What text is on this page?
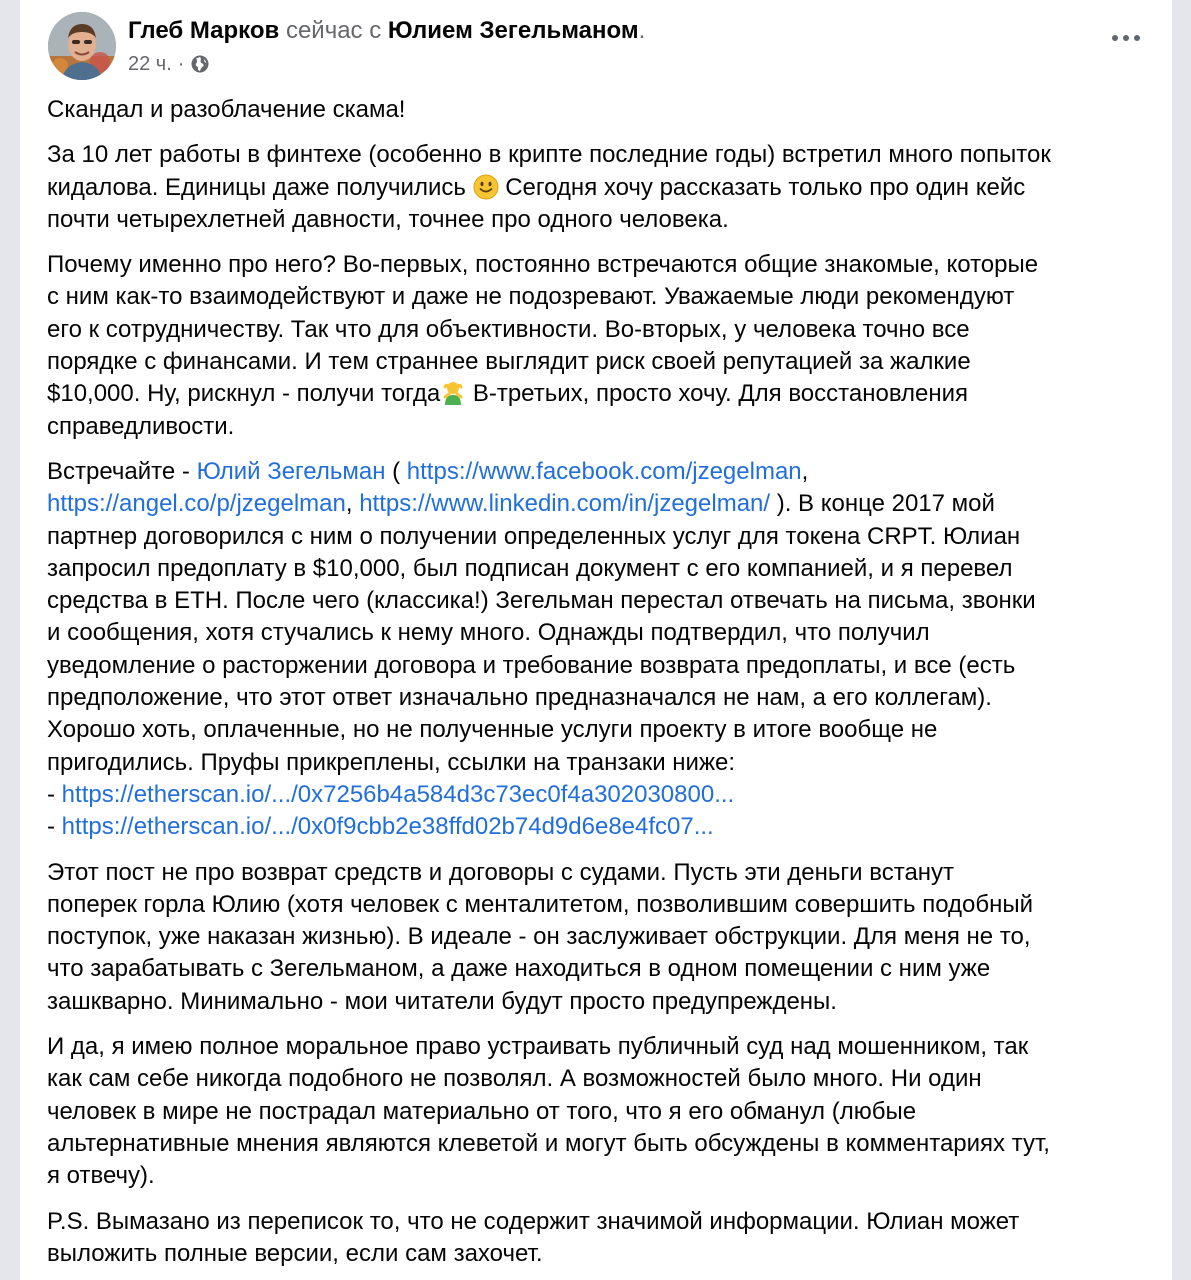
Глеб Марков сейчас с Юлием Зегельманом.
22 ч. ·
Скандал и разоблачение скама!
За 10 лет работы в финтехе (особенно в крипте последние годы) встретил много попыток
кидалова. Единицы даже получились Сегодня хочу рассказать только про один кейс
почти четырехлетней давности, точнее про одного человека.
Почему именно про него? Во-первых, постоянно встречаются общие знакомые, которые
с ним как-то взаимодействуют и даже не подозревают. Уважаемые люди рекомендуют
его к сотрудничеству. Так что для объективности. Во-вторых, у человека точно все
порядке с финансами. И тем страннее выглядит риск своей репутацией за жалкие
$10,000. Ну, рискнул - получи тогда В-третьих, просто хочу. Для восстановления
справедливости.
Встречайте - Юлий Зегельман ( https://www.facebook.com/jzegelman,
https://angel.co/p/jzegelman, https://www.linkedin.com/in/jzegelman/ ). В конце 2017 мой
партнер договорился с ним о получении определенных услуг для токена CRPT. Юлиан
запросил предоплату в $10,000, был подписан документ с его компанией, и я перевел
средства в ETH. После чего (классика!) Зегельман перестал отвечать на письма, звонки
и сообщения, хотя стучались к нему много. Однажды подтвердил, что получил
уведомление о расторжении договора и требование возврата предоплаты, и все (есть
предположение, что этот ответ изначально предназначался не нам, а его коллегам).
Хорошо хоть, оплаченные, но не полученные услуги проекту в итоге вообще не
пригодились. Пруфы прикреплены, ссылки на транзаки ниже:
- https://etherscan.io/.../0x7256b4a584d3c73ec0f4a302030800...
- https://etherscan.io/.../0x0f9cbb2e38ffd02b74d9d6e8e4fc07...
Этот пост не про возврат средств и договоры с судами. Пусть эти деньги встанут
поперек горла Юлию (хотя человек с менталитетом, позволившим совершить подобный
поступок, уже наказан жизнью). В идеале - он заслуживает обструкции. Для меня не то,
что зарабатывать с Зегельманом, а даже находиться в одном помещении с ним уже
зашкварно. Минимально - мои читатели будут просто предупреждены.
И да, я имею полное моральное право устраивать публичный суд над мошенником, так
как сам себе никогда подобного не позволял. А возможностей было много. Ни один
человек в мире не пострадал материально от того, что я его обманул (любые
альтернативные мнения являются клеветой и могут быть обсуждены в комментариях тут,
я отвечу).
P.S. Вымазано из переписок то, что не содержит значимой информации. Юлиан может
выложить полные версии, если сам захочет.
